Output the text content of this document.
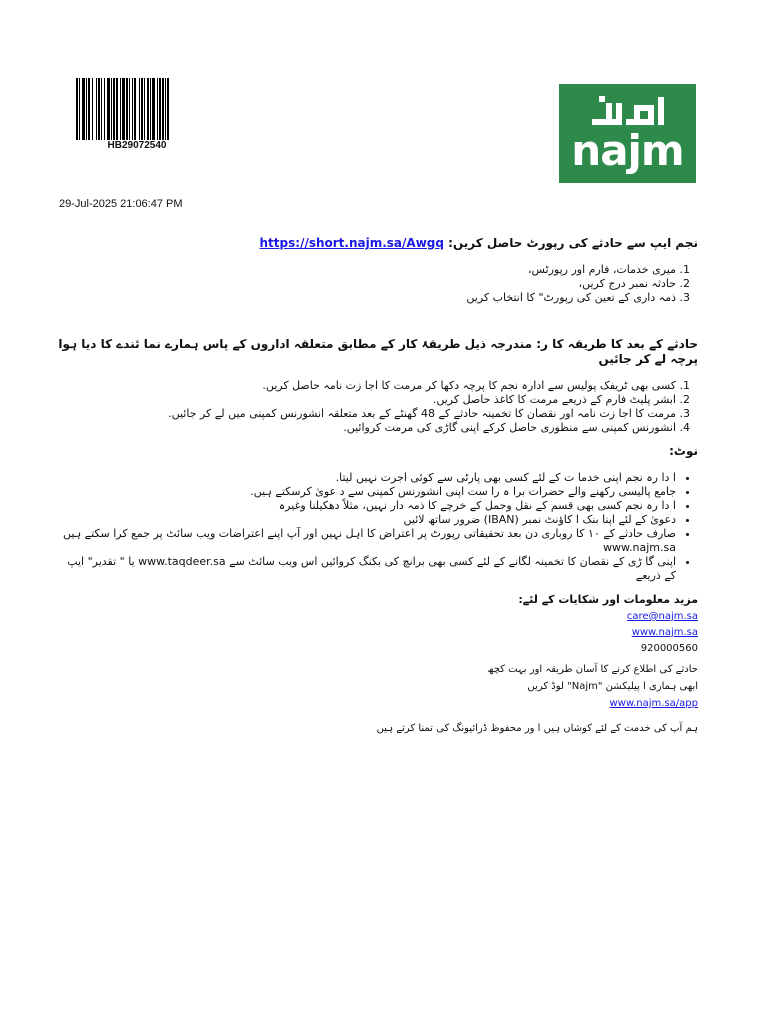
HB29072540	najm
29-Jul-2025 21:06:47 PM
نجم ایپ سے حادثے کی رپورٹ حاصل کریں: https://short.najm.sa/Awgq
1. میری خدمات، فارم اور رپورٹس،
2. حادثہ نمبر درج کریں،
3. ذمہ داری کے تعین کی رپورٹ" کا انتخاب کریں
حادثے کے بعد کا طریقہ کا ر: مندرجہ ذیل طریقۂ کار کے مطابق متعلقہ اداروں کے پاس ہمارے نما ئندے کا دیا ہوا پرچہ لے کر جائیں
1. کسی بھی ٹریفک پولیس سے ادارہ نجم کا پرچہ دکھا کر مرمت کا اجا زت نامہ حاصل کریں.
2. ابشر پلیٹ فارم کے ذریعے مرمت کا کاغذ حاصل کریں.
3. مرمت کا اجا زت نامہ اور نقصان کا تخمینہ حادثے کے 48 گھنٹے کے بعد متعلقہ انشورنس کمپنی میں لے کر جائیں.
4. انشورنس کمپنی سے منظوری حاصل کرکے اپنی گاڑی کی مرمت کروائیں.
نوٹ:
• ا دا رہ نجم اپنی خدما ت کے لئے کسی بھی پارٹی سے کوئی اجرت نہیں لیتا.
• جامع پالیسی رکھنے والے حضرات برا ہ را ست اپنی انشورنس کمپنی سے د عویٰ کرسکتے ہیں.
• ا دا رہ نجم کسی بھی قسم کے نقل وحمل کے خرچے کا ذمہ دار نہیں، مثلاً دھکیلنا وغیرہ
• دعویٰ کے لئے اپنا بنک ا کاؤنٹ نمبر (IBAN) ضرور ساتھ لائیں
• صارف حادثے کے ١٠ کا روباری دن بعد تحقیقاتی رپورٹ پر اعتراض کا اہل نہیں اور آپ اپنے اعتراضات ویب سائٹ پر جمع کرا سکتے ہیں www.najm.sa
• اپنی گا ڑی کے نقصان کا تخمینہ لگانے کے لئے کسی بھی برانچ کی بکنگ کروائیں اس ویب سائٹ سے www.taqdeer.sa یا " تقدیر" ایپ کے ذریعے
مزید معلومات اور شکایات کے لئے:
care@najm.sa
www.najm.sa
920000560
حادثے کی اطلاع کرنے کا آسان طریقہ اور بہت کچھ
ابھی ہماری ا پیلیکشن "Najm" لوڈ کریں
www.najm.sa/app
ہم آپ کی خدمت کے لئے کوشاں ہیں ا ور محفوظ ڈرائیونگ کی تمنا کرتے ہیں
